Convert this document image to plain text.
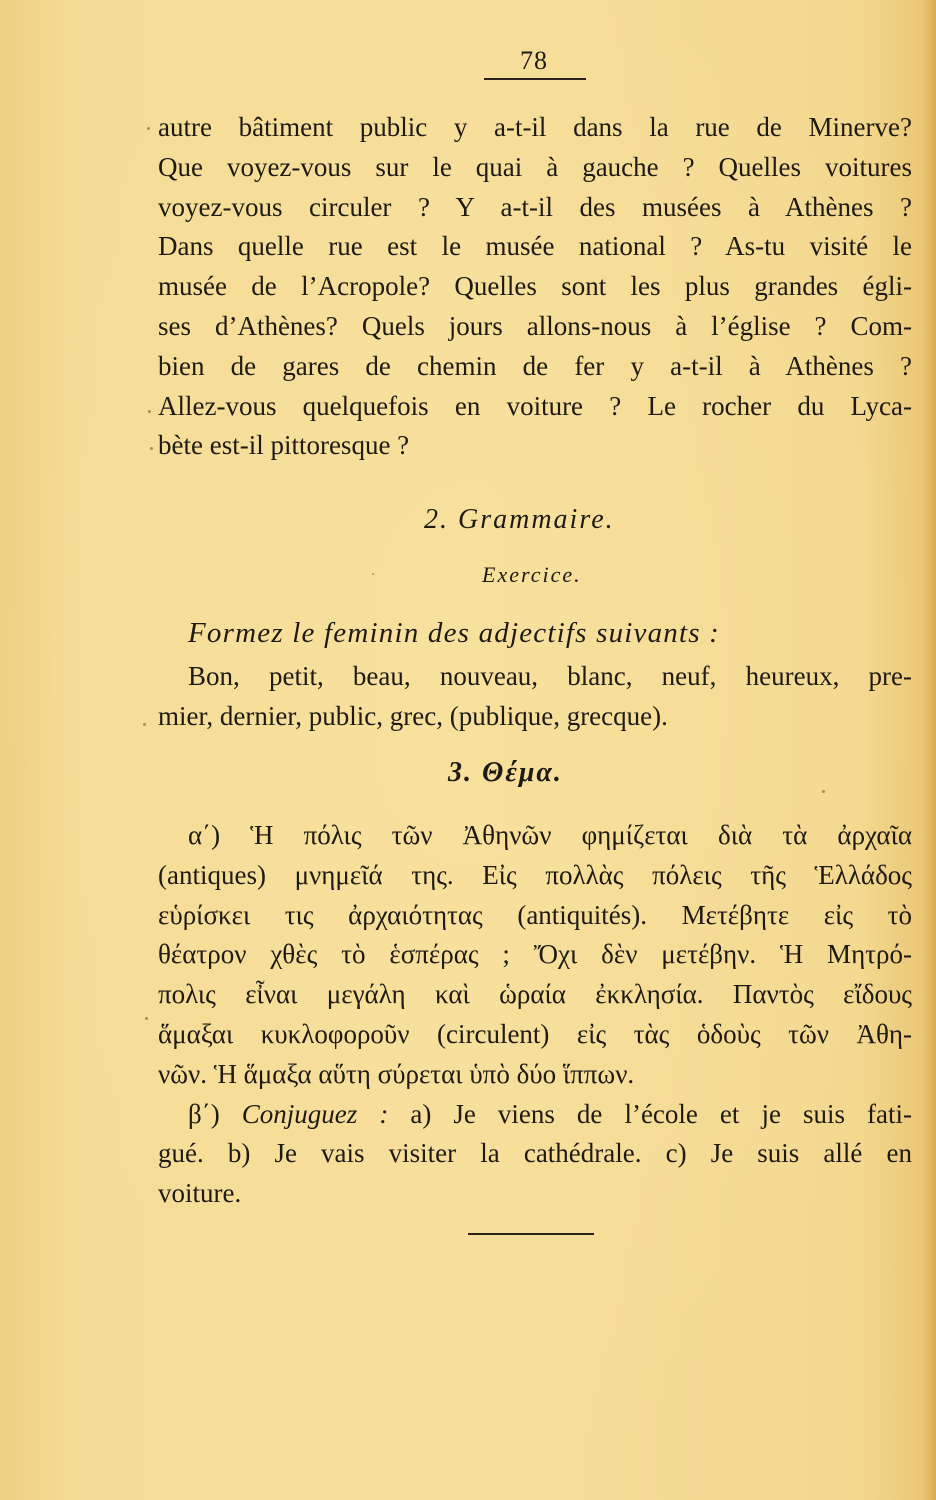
78
autre bâtiment public y a-t-il dans la rue de Minerve?
Que voyez-vous sur le quai à gauche ? Quelles voitures
voyez-vous circuler ? Y a-t-il des musées à Athènes ?
Dans quelle rue est le musée national ? As-tu visité le
musée de l’Acropole? Quelles sont les plus grandes égli-
ses d’Athènes? Quels jours allons-nous à l’église ? Com-
bien de gares de chemin de fer y a-t-il à Athènes ?
Allez-vous quelquefois en voiture ? Le rocher du Lyca-
bète est-il pittoresque ?
2. Grammaire.
Exercice.
Formez le feminin des adjectifs suivants :
Bon, petit, beau, nouveau, blanc, neuf, heureux, pre-
mier, dernier, public, grec, (publique, grecque).
3. Θέμα.
α΄) Ἡ πόλις τῶν Ἀθηνῶν φημίζεται διὰ τὰ ἀρχαῖα
(antiques) μνημεῖά της. Εἰς πολλὰς πόλεις τῆς Ἑλλάδος
εὑρίσκει τις ἀρχαιότητας (antiquités). Μετέβητε εἰς τὸ
θέατρον χθὲς τὸ ἑσπέρας ; Ὄχι δὲν μετέβην. Ἡ Μητρό-
πολις εἶναι μεγάλη καὶ ὡραία ἐκκλησία. Παντὸς εἴδους
ἅμαξαι κυκλοφοροῦν (circulent) εἰς τὰς ὁδοὺς τῶν Ἀθη-
νῶν. Ἡ ἅμαξα αὕτη σύρεται ὑπὸ δύο ἵππων.
β΄) Conjuguez : a) Je viens de l’école et je suis fati-
gué. b) Je vais visiter la cathédrale. c) Je suis allé en
voiture.
